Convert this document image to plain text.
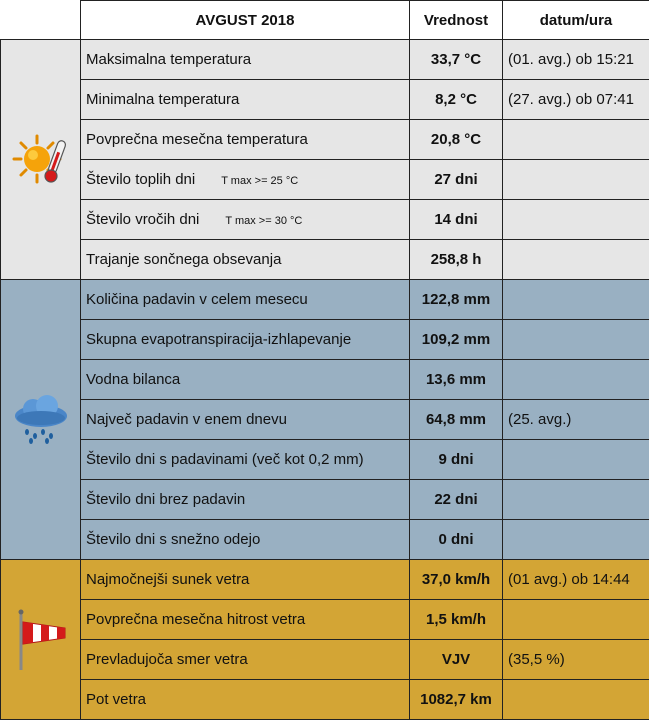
	AVGUST 2018	Vrednost	datum/ura

	Maksimalna temperatura	33,7 °C	(01. avg.) ob 15:21
	Minimalna temperatura	8,2 °C	(27. avg.) ob 07:41
	Povprečna mesečna temperatura	20,8 °C	
	Število toplih dni T max >= 25 °C	27 dni	
	Število vročih dni T max >= 30 °C	14 dni	
	Trajanje sončnega obsevanja	258,8 h	

	Količina padavin v celem mesecu	122,8 mm	
	Skupna evapotranspiracija-izhlapevanje	109,2 mm	
	Vodna bilanca	13,6 mm	
	Največ padavin v enem dnevu	64,8 mm	(25. avg.)
	Število dni s padavinami (več kot 0,2 mm)	9 dni	
	Število dni brez padavin	22 dni	
	Število dni s snežno odejo	0 dni	

	Najmočnejši sunek vetra	37,0 km/h	(01 avg.) ob 14:44
	Povprečna mesečna hitrost vetra	1,5 km/h	
	Prevladujoča smer vetra	VJV	(35,5 %)
	Pot vetra	1082,7 km	
